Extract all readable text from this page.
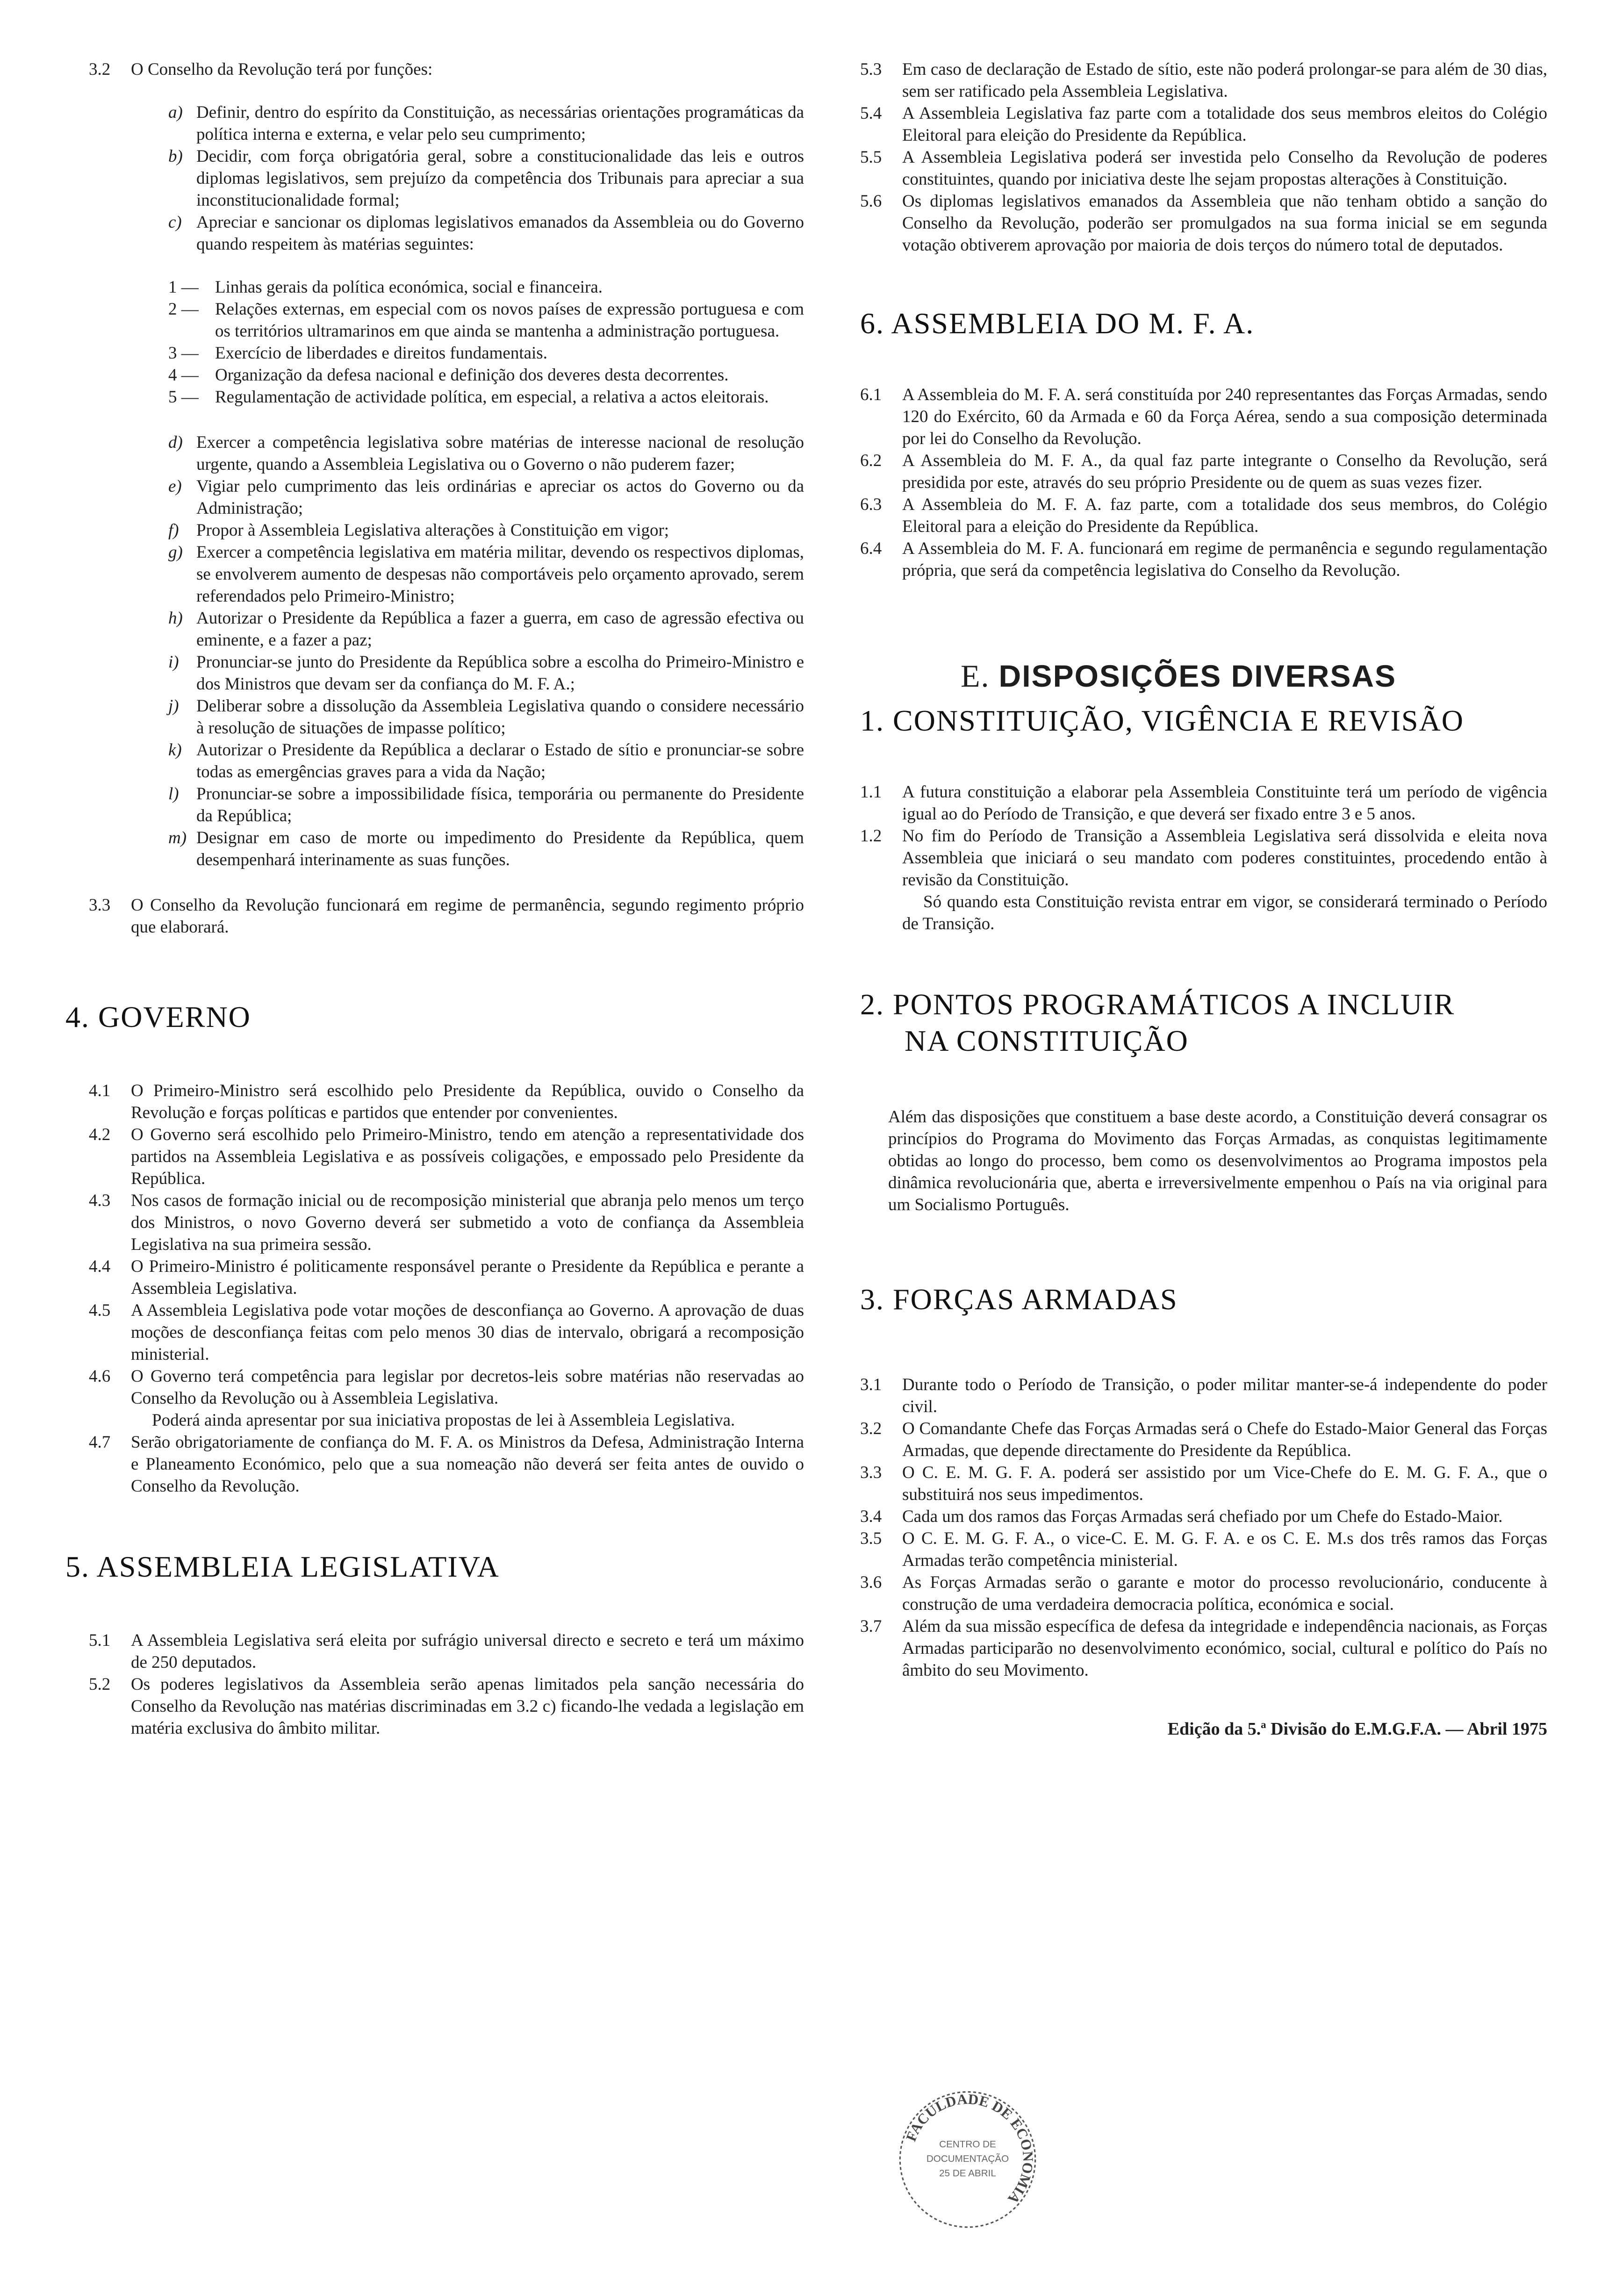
3.2 O Conselho da Revolução terá por funções:
a) Definir, dentro do espírito da Constituição, as necessárias orientações programáticas da política interna e externa, e velar pelo seu cumprimento;
b) Decidir, com força obrigatória geral, sobre a constitucionalidade das leis e outros diplomas legislativos, sem prejuízo da competência dos Tribunais para apreciar a sua inconstitucionalidade formal;
c) Apreciar e sancionar os diplomas legislativos emanados da Assembleia ou do Governo quando respeitem às matérias seguintes:
1 — Linhas gerais da política económica, social e financeira.
2 — Relações externas, em especial com os novos países de expressão portuguesa e com os territórios ultramarinos em que ainda se mantenha a administração portuguesa.
3 — Exercício de liberdades e direitos fundamentais.
4 — Organização da defesa nacional e definição dos deveres desta decorrentes.
5 — Regulamentação de actividade política, em especial, a relativa a actos eleitorais.
d) Exercer a competência legislativa sobre matérias de interesse nacional de resolução urgente, quando a Assembleia Legislativa ou o Governo o não puderem fazer;
e) Vigiar pelo cumprimento das leis ordinárias e apreciar os actos do Governo ou da Administração;
f) Propor à Assembleia Legislativa alterações à Constituição em vigor;
g) Exercer a competência legislativa em matéria militar, devendo os respectivos diplomas, se envolverem aumento de despesas não comportáveis pelo orçamento aprovado, serem referendados pelo Primeiro-Ministro;
h) Autorizar o Presidente da República a fazer a guerra, em caso de agressão efectiva ou eminente, e a fazer a paz;
i) Pronunciar-se junto do Presidente da República sobre a escolha do Primeiro-Ministro e dos Ministros que devam ser da confiança do M. F. A.;
j) Deliberar sobre a dissolução da Assembleia Legislativa quando o considere necessário à resolução de situações de impasse político;
k) Autorizar o Presidente da República a declarar o Estado de sítio e pronunciar-se sobre todas as emergências graves para a vida da Nação;
l) Pronunciar-se sobre a impossibilidade física, temporária ou permanente do Presidente da República;
m) Designar em caso de morte ou impedimento do Presidente da República, quem desempenhará interinamente as suas funções.
3.3 O Conselho da Revolução funcionará em regime de permanência, segundo regimento próprio que elaborará.
4. GOVERNO
4.1 O Primeiro-Ministro será escolhido pelo Presidente da República, ouvido o Conselho da Revolução e forças políticas e partidos que entender por convenientes.
4.2 O Governo será escolhido pelo Primeiro-Ministro, tendo em atenção a representatividade dos partidos na Assembleia Legislativa e as possíveis coligações, e empossado pelo Presidente da República.
4.3 Nos casos de formação inicial ou de recomposição ministerial que abranja pelo menos um terço dos Ministros, o novo Governo deverá ser submetido a voto de confiança da Assembleia Legislativa na sua primeira sessão.
4.4 O Primeiro-Ministro é politicamente responsável perante o Presidente da República e perante a Assembleia Legislativa.
4.5 A Assembleia Legislativa pode votar moções de desconfiança ao Governo. A aprovação de duas moções de desconfiança feitas com pelo menos 30 dias de intervalo, obrigará a recomposição ministerial.
4.6 O Governo terá competência para legislar por decretos-leis sobre matérias não reservadas ao Conselho da Revolução ou à Assembleia Legislativa.
Poderá ainda apresentar por sua iniciativa propostas de lei à Assembleia Legislativa.
4.7 Serão obrigatoriamente de confiança do M. F. A. os Ministros da Defesa, Administração Interna e Planeamento Económico, pelo que a sua nomeação não deverá ser feita antes de ouvido o Conselho da Revolução.
5. ASSEMBLEIA LEGISLATIVA
5.1 A Assembleia Legislativa será eleita por sufrágio universal directo e secreto e terá um máximo de 250 deputados.
5.2 Os poderes legislativos da Assembleia serão apenas limitados pela sanção necessária do Conselho da Revolução nas matérias discriminadas em 3.2 c) ficando-lhe vedada a legislação em matéria exclusiva do âmbito militar.
5.3 Em caso de declaração de Estado de sítio, este não poderá prolongar-se para além de 30 dias, sem ser ratificado pela Assembleia Legislativa.
5.4 A Assembleia Legislativa faz parte com a totalidade dos seus membros eleitos do Colégio Eleitoral para eleição do Presidente da República.
5.5 A Assembleia Legislativa poderá ser investida pelo Conselho da Revolução de poderes constituintes, quando por iniciativa deste lhe sejam propostas alterações à Constituição.
5.6 Os diplomas legislativos emanados da Assembleia que não tenham obtido a sanção do Conselho da Revolução, poderão ser promulgados na sua forma inicial se em segunda votação obtiverem aprovação por maioria de dois terços do número total de deputados.
6. ASSEMBLEIA DO M. F. A.
6.1 A Assembleia do M. F. A. será constituída por 240 representantes das Forças Armadas, sendo 120 do Exército, 60 da Armada e 60 da Força Aérea, sendo a sua composição determinada por lei do Conselho da Revolução.
6.2 A Assembleia do M. F. A., da qual faz parte integrante o Conselho da Revolução, será presidida por este, através do seu próprio Presidente ou de quem as suas vezes fizer.
6.3 A Assembleia do M. F. A. faz parte, com a totalidade dos seus membros, do Colégio Eleitoral para a eleição do Presidente da República.
6.4 A Assembleia do M. F. A. funcionará em regime de permanência e segundo regulamentação própria, que será da competência legislativa do Conselho da Revolução.
E. DISPOSIÇÕES DIVERSAS
1. CONSTITUIÇÃO, VIGÊNCIA E REVISÃO
1.1 A futura constituição a elaborar pela Assembleia Constituinte terá um período de vigência igual ao do Período de Transição, e que deverá ser fixado entre 3 e 5 anos.
1.2 No fim do Período de Transição a Assembleia Legislativa será dissolvida e eleita nova Assembleia que iniciará o seu mandato com poderes constituintes, procedendo então à revisão da Constituição.
Só quando esta Constituição revista entrar em vigor, se considerará terminado o Período de Transição.
2. PONTOS PROGRAMÁTICOS A INCLUIR
NA CONSTITUIÇÃO
Além das disposições que constituem a base deste acordo, a Constituição deverá consagrar os princípios do Programa do Movimento das Forças Armadas, as conquistas legitimamente obtidas ao longo do processo, bem como os desenvolvimentos ao Programa impostos pela dinâmica revolucionária que, aberta e irreversivelmente empenhou o País na via original para um Socialismo Português.
3. FORÇAS ARMADAS
3.1 Durante todo o Período de Transição, o poder militar manter-se-á independente do poder civil.
3.2 O Comandante Chefe das Forças Armadas será o Chefe do Estado-Maior General das Forças Armadas, que depende directamente do Presidente da República.
3.3 O C. E. M. G. F. A. poderá ser assistido por um Vice-Chefe do E. M. G. F. A., que o substituirá nos seus impedimentos.
3.4 Cada um dos ramos das Forças Armadas será chefiado por um Chefe do Estado-Maior.
3.5 O C. E. M. G. F. A., o vice-C. E. M. G. F. A. e os C. E. M.s dos três ramos das Forças Armadas terão competência ministerial.
3.6 As Forças Armadas serão o garante e motor do processo revolucionário, conducente à construção de uma verdadeira democracia política, económica e social.
3.7 Além da sua missão específica de defesa da integridade e independência nacionais, as Forças Armadas participarão no desenvolvimento económico, social, cultural e político do País no âmbito do seu Movimento.
Edição da 5.ª Divisão do E.M.G.F.A. — Abril 1975
FACULDADE DE ECONOMIA
CENTRO DE
DOCUMENTAÇÃO
25 DE ABRIL
